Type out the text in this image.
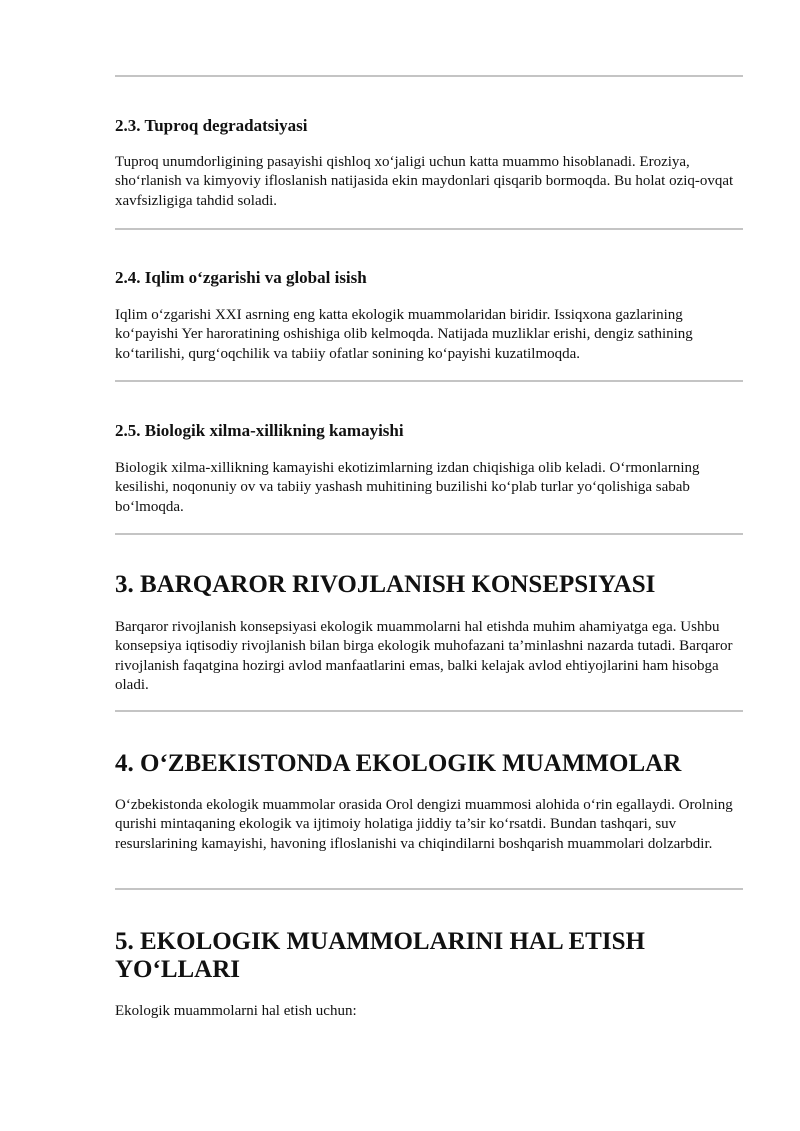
2.3. Tuproq degradatsiyasi

Tuproq unumdorligining pasayishi qishloq xo‘jaligi uchun katta muammo hisoblanadi. Eroziya, sho‘rlanish va kimyoviy ifloslanish natijasida ekin maydonlari qisqarib bormoqda. Bu holat oziq-ovqat xavfsizligiga tahdid soladi.

2.4. Iqlim o‘zgarishi va global isish

Iqlim o‘zgarishi XXI asrning eng katta ekologik muammolaridan biridir. Issiqxona gazlarining ko‘payishi Yer haroratining oshishiga olib kelmoqda. Natijada muzliklar erishi, dengiz sathining ko‘tarilishi, qurg‘oqchilik va tabiiy ofatlar sonining ko‘payishi kuzatilmoqda.

2.5. Biologik xilma-xillikning kamayishi

Biologik xilma-xillikning kamayishi ekotizimlarning izdan chiqishiga olib keladi. O‘rmonlarning kesilishi, noqonuniy ov va tabiiy yashash muhitining buzilishi ko‘plab turlar yo‘qolishiga sabab bo‘lmoqda.

3. BARQAROR RIVOJLANISH KONSEPSIYASI

Barqaror rivojlanish konsepsiyasi ekologik muammolarni hal etishda muhim ahamiyatga ega. Ushbu konsepsiya iqtisodiy rivojlanish bilan birga ekologik muhofazani ta’minlashni nazarda tutadi. Barqaror rivojlanish faqatgina hozirgi avlod manfaatlarini emas, balki kelajak avlod ehtiyojlarini ham hisobga oladi.

4. O‘ZBEKISTONDA EKOLOGIK MUAMMOLAR

O‘zbekistonda ekologik muammolar orasida Orol dengizi muammosi alohida o‘rin egallaydi. Orolning qurishi mintaqaning ekologik va ijtimoiy holatiga jiddiy ta’sir ko‘rsatdi. Bundan tashqari, suv resurslarining kamayishi, havoning ifloslanishi va chiqindilarni boshqarish muammolari dolzarbdir.

5. EKOLOGIK MUAMMOLARINI HAL ETISH YO‘LLARI

Ekologik muammolarni hal etish uchun:
